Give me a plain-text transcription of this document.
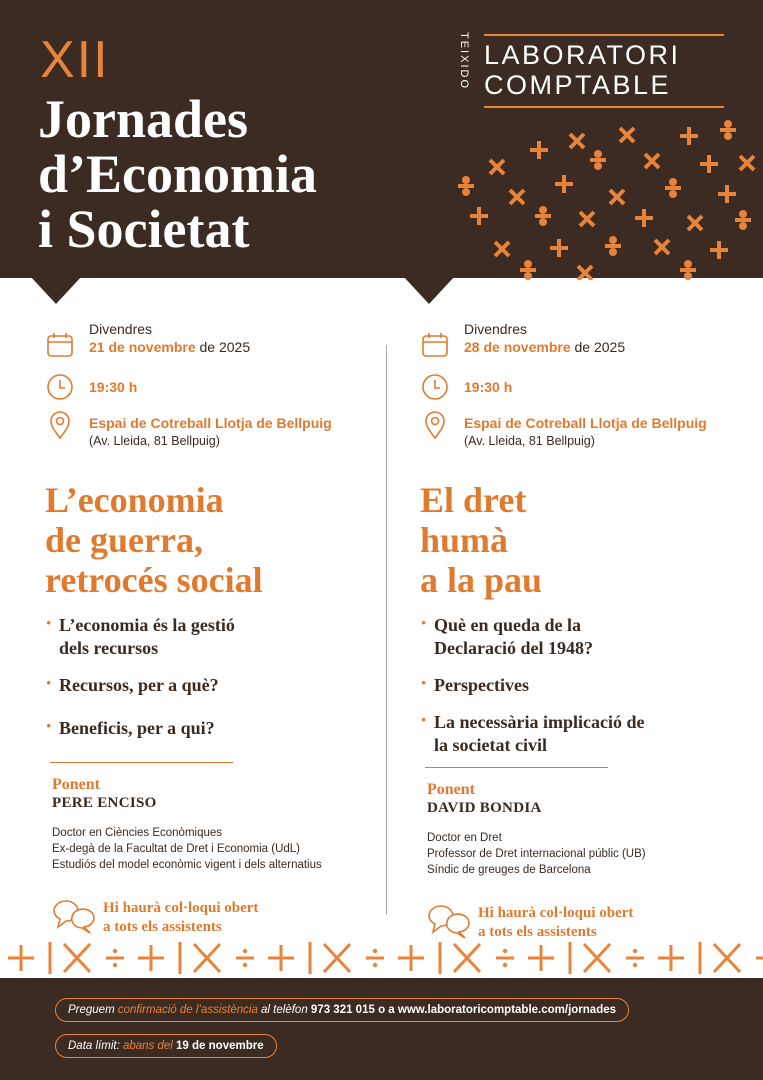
XII
Jornades
d’Economia
i Societat
TEIXIDO LABORATORI
COMPTABLE
Divendres
21 de novembre de 2025
19:30 h
Espai de Cotreball Llotja de Bellpuig
(Av. Lleida, 81 Bellpuig)
L’economia
de guerra,
retrocés social
· L’economia és la gestió
dels recursos
· Recursos, per a què?
· Beneficis, per a qui?
Ponent
PERE ENCISO
Doctor en Ciències Econòmiques
Ex-degà de la Facultat de Dret i Economia (UdL)
Estudiós del model econòmic vigent i dels alternatius
Hi haurà col·loqui obert
a tots els assistents
Divendres
28 de novembre de 2025
19:30 h
Espai de Cotreball Llotja de Bellpuig
(Av. Lleida, 81 Bellpuig)
El dret
humà
a la pau
· Què en queda de la
Declaració del 1948?
· Perspectives
· La necessària implicació de
la societat civil
Ponent
DAVID BONDIA
Doctor en Dret
Professor de Dret internacional públic (UB)
Síndic de greuges de Barcelona
Hi haurà col·loqui obert
a tots els assistents
Preguem confirmació de l’assistència al telèfon 973 321 015 o a www.laboratoricomptable.com/jornades
Data límit: abans del 19 de novembre
